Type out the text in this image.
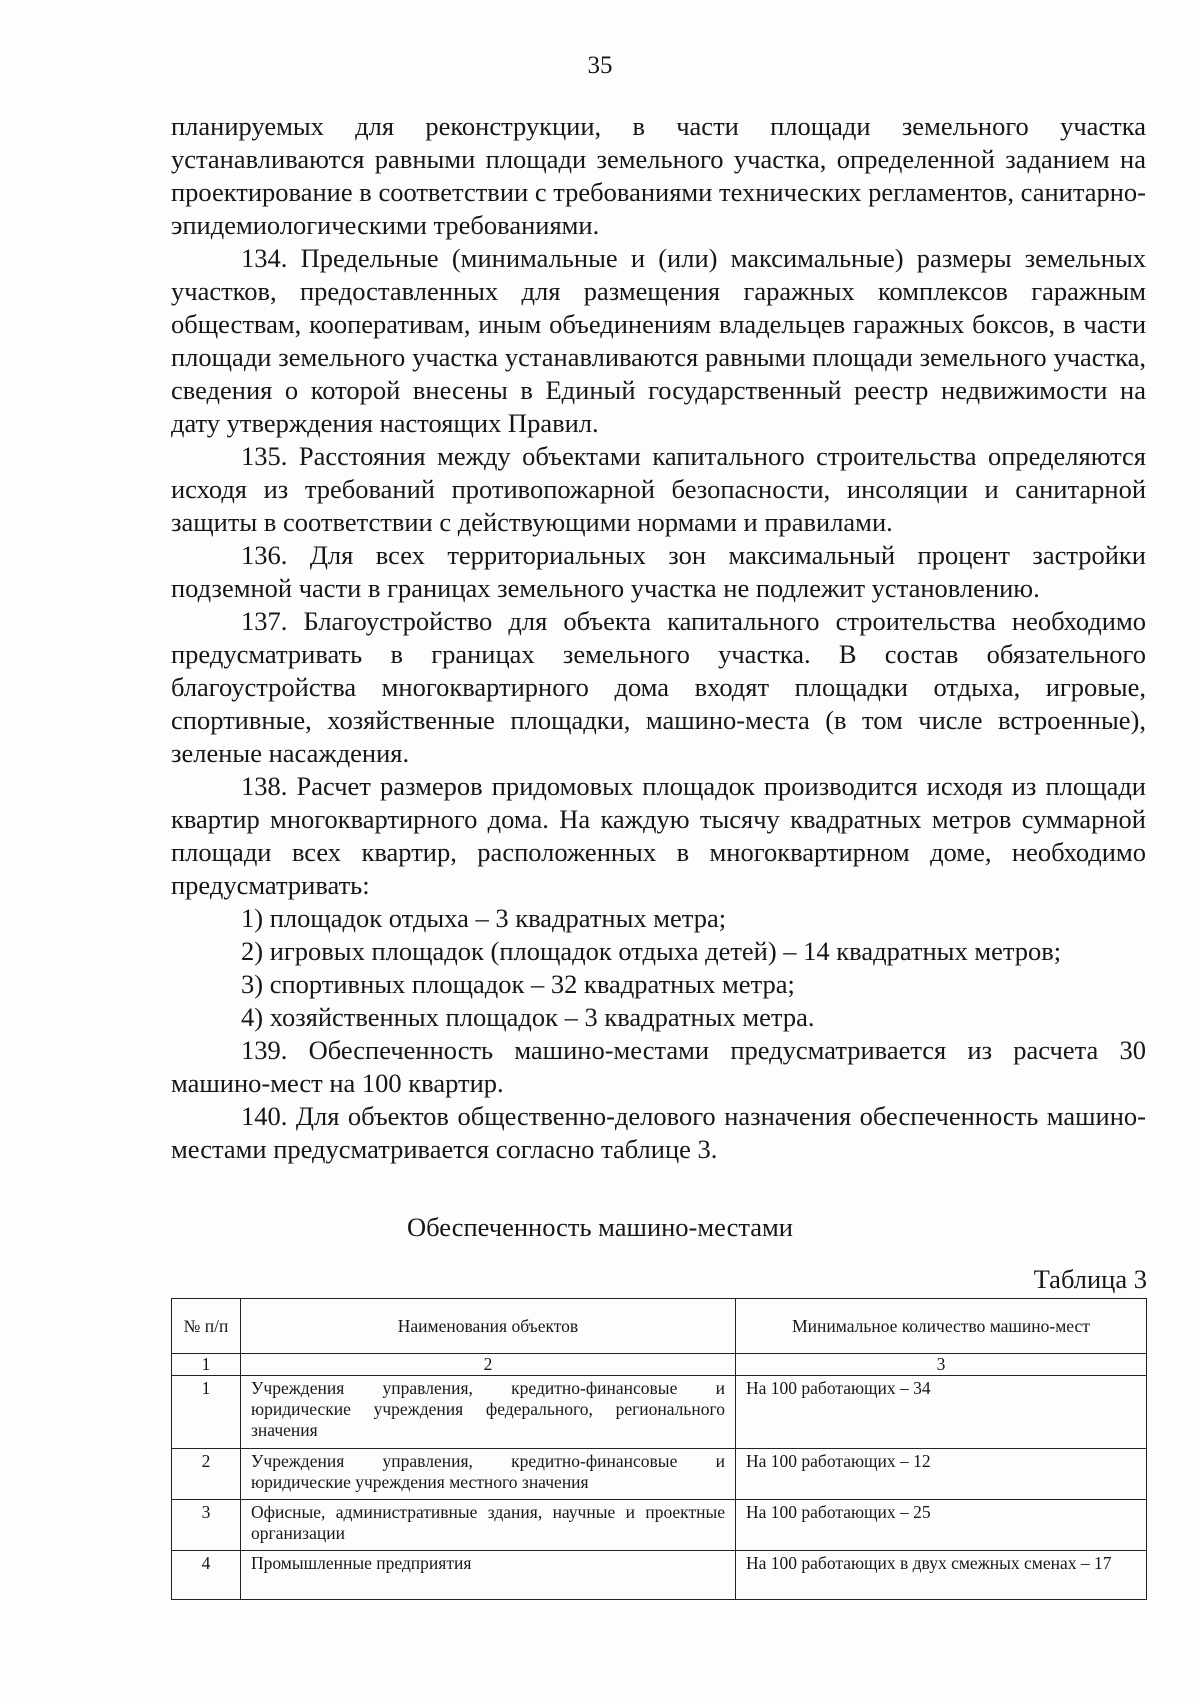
35

планируемых для реконструкции, в части площади земельного участка устанавливаются равными площади земельного участка, определенной заданием на проектирование в соответствии с требованиями технических регламентов, санитарно-эпидемиологическими требованиями.

134. Предельные (минимальные и (или) максимальные) размеры земельных участков, предоставленных для размещения гаражных комплексов гаражным обществам, кооперативам, иным объединениям владельцев гаражных боксов, в части площади земельного участка устанавливаются равными площади земельного участка, сведения о которой внесены в Единый государственный реестр недвижимости на дату утверждения настоящих Правил.

135. Расстояния между объектами капитального строительства определяются исходя из требований противопожарной безопасности, инсоляции и санитарной защиты в соответствии с действующими нормами и правилами.

136. Для всех территориальных зон максимальный процент застройки подземной части в границах земельного участка не подлежит установлению.

137. Благоустройство для объекта капитального строительства необходимо предусматривать в границах земельного участка. В состав обязательного благоустройства многоквартирного дома входят площадки отдыха, игровые, спортивные, хозяйственные площадки, машино-места (в том числе встроенные), зеленые насаждения.

138. Расчет размеров придомовых площадок производится исходя из площади квартир многоквартирного дома. На каждую тысячу квадратных метров суммарной площади всех квартир, расположенных в многоквартирном доме, необходимо предусматривать:

1) площадок отдыха – 3 квадратных метра;

2) игровых площадок (площадок отдыха детей) – 14 квадратных метров;

3) спортивных площадок – 32 квадратных метра;

4) хозяйственных площадок – 3 квадратных метра.

139. Обеспеченность машино-местами предусматривается из расчета 30 машино-мест на 100 квартир.

140. Для объектов общественно-делового назначения обеспеченность машино-местами предусматривается согласно таблице 3.

Обеспеченность машино-местами
Таблица 3
№ п/п	Наименования объектов	Минимальное количество машино-мест
1	2	3
1	Учреждения управления, кредитно-финансовые и юридические учреждения федерального, регионального значения	На 100 работающих – 34
2	Учреждения управления, кредитно-финансовые и юридические учреждения местного значения	На 100 работающих – 12
3	Офисные, административные здания, научные и проектные организации	На 100 работающих – 25
4	Промышленные предприятия	На 100 работающих в двух смежных сменах – 17
